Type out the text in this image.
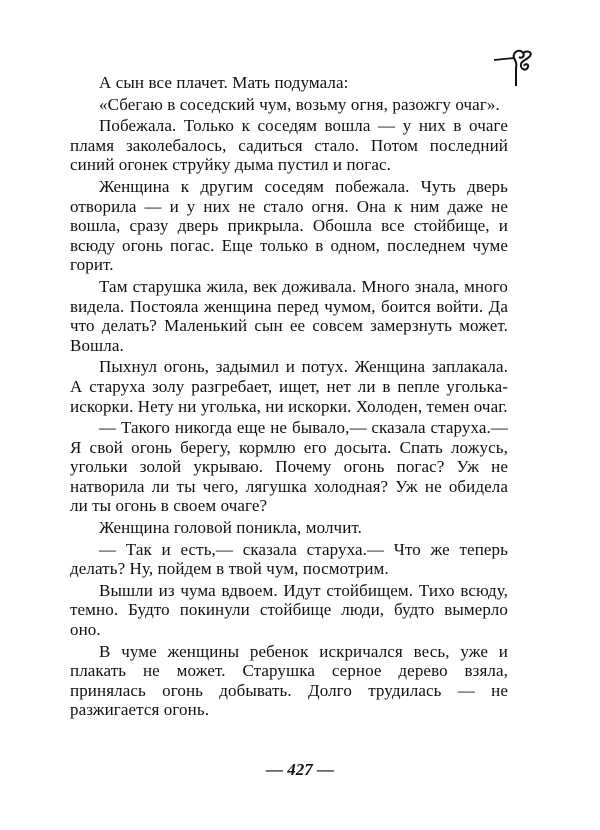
А сын все плачет. Мать подумала:

«Сбегаю в соседский чум, возьму огня, разожгу очаг».

Побежала. Только к соседям вошла — у них в очаге пламя заколебалось, садиться стало. Потом последний синий огонек струйку дыма пустил и погас.

Женщина к другим соседям побежала. Чуть дверь отворила — и у них не стало огня. Она к ним даже не вошла, сразу дверь прикрыла. Обошла все стойбище, и всюду огонь погас. Еще только в одном, последнем чуме горит.

Там старушка жила, век доживала. Много знала, много видела. Постояла женщина перед чумом, боится войти. Да что делать? Маленький сын ее совсем замерзнуть может. Вошла.

Пыхнул огонь, задымил и потух. Женщина заплакала. А старуха золу разгребает, ищет, нет ли в пепле уголька-искорки. Нету ни уголька, ни искорки. Холоден, темен очаг.

— Такого никогда еще не бывало,— сказала старуха.— Я свой огонь берегу, кормлю его досыта. Спать ложусь, угольки золой укрываю. Почему огонь погас? Уж не натворила ли ты чего, лягушка холодная? Уж не обидела ли ты огонь в своем очаге?

Женщина головой поникла, молчит.

— Так и есть,— сказала старуха.— Что же теперь делать? Ну, пойдем в твой чум, посмотрим.

Вышли из чума вдвоем. Идут стойбищем. Тихо всюду, темно. Будто покинули стойбище люди, будто вымерло оно.

В чуме женщины ребенок искричался весь, уже и плакать не может. Старушка серное дерево взяла, принялась огонь добывать. Долго трудилась — не разжигается огонь.

— 427 —
